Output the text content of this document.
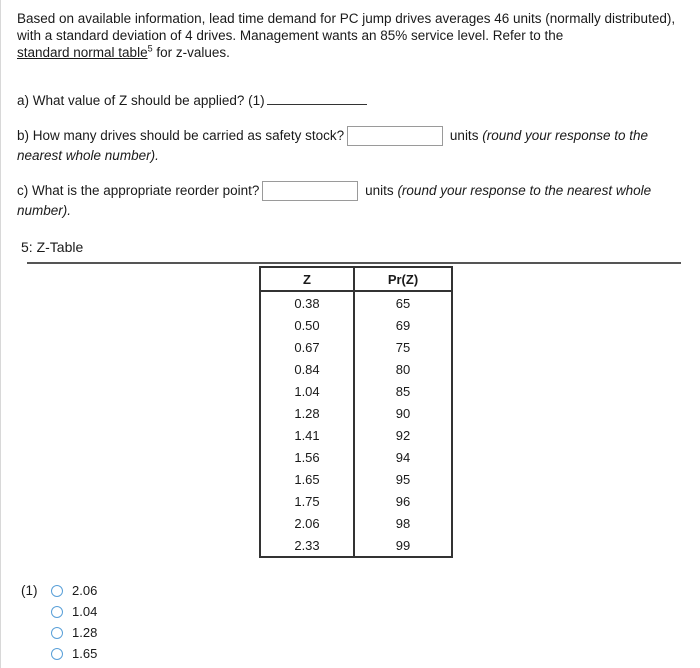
Based on available information, lead time demand for PC jump drives averages 46 units (normally distributed), with a standard deviation of 4 drives. Management wants an 85% service level. Refer to the
standard normal table$^5$ for z-values.
a) What value of Z should be applied? (1)
b) How many drives should be carried as safety stock?	units (round your response to the nearest whole number).
c) What is the appropriate reorder point?	units (round your response to the nearest whole number).
5: Z-Table
Z	Pr(Z)
0.38	65
0.50	69
0.67	75
0.84	80
1.04	85
1.28	90
1.41	92
1.56	94
1.65	95
1.75	96
2.06	98
2.33	99
(1)	2.06
1.04
1.28
1.65
